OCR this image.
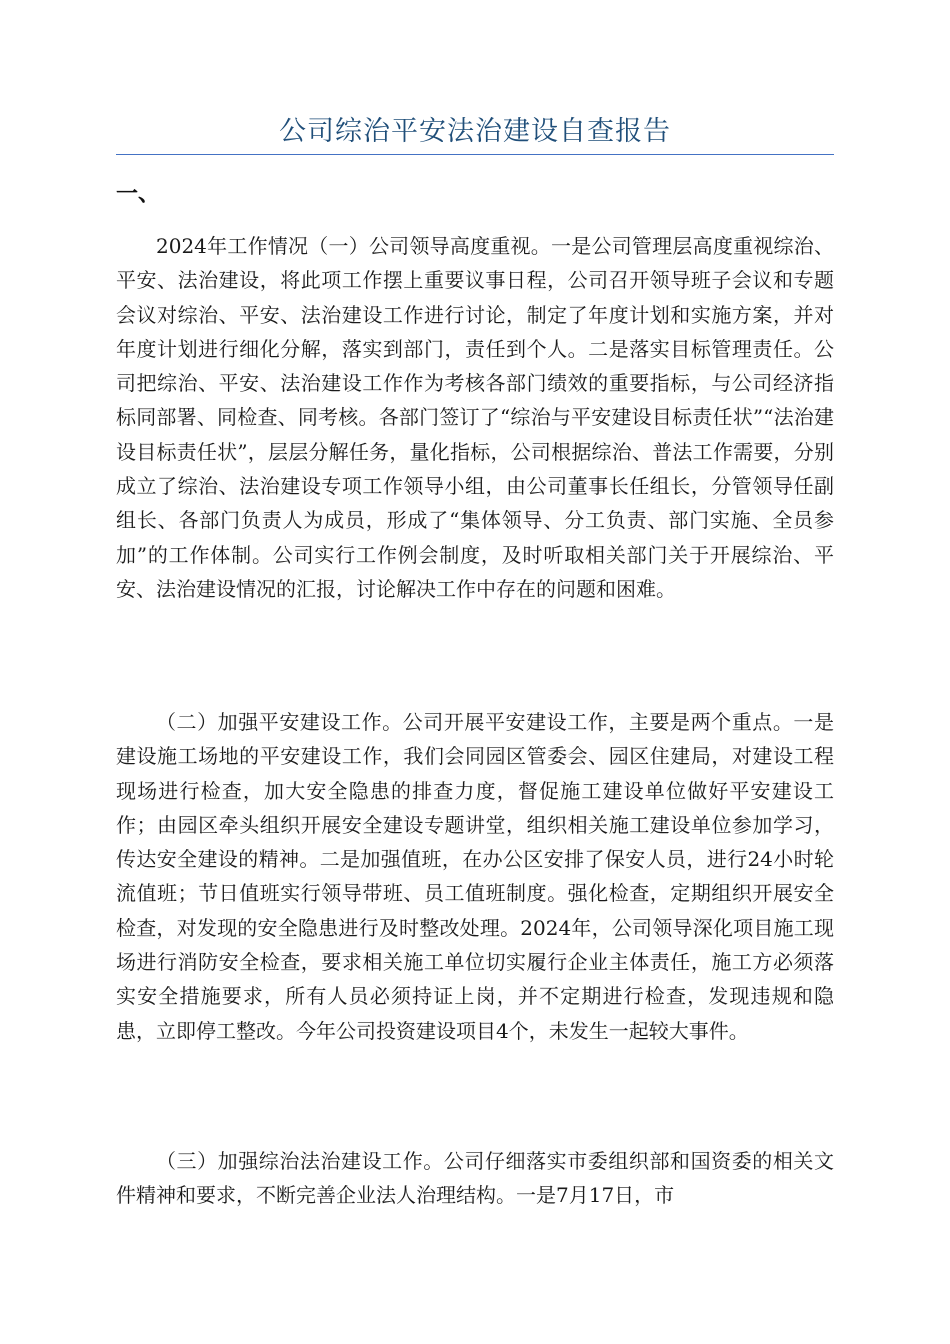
公司综治平安法治建设自查报告
一、

2024年工作情况（一）公司领导高度重视。一是公司管理层高度重视综治、平安、法治建设，将此项工作摆上重要议事日程，公司召开领导班子会议和专题会议对综治、平安、法治建设工作进行讨论，制定了年度计划和实施方案，并对年度计划进行细化分解，落实到部门，责任到个人。二是落实目标管理责任。公司把综治、平安、法治建设工作作为考核各部门绩效的重要指标，与公司经济指标同部署、同检查、同考核。各部门签订了“综治与平安建设目标责任状”“法治建设目标责任状”，层层分解任务，量化指标，公司根据综治、普法工作需要，分别成立了综治、法治建设专项工作领导小组，由公司董事长任组长，分管领导任副组长、各部门负责人为成员，形成了“集体领导、分工负责、部门实施、全员参加”的工作体制。公司实行工作例会制度，及时听取相关部门关于开展综治、平安、法治建设情况的汇报，讨论解决工作中存在的问题和困难。

（二）加强平安建设工作。公司开展平安建设工作，主要是两个重点。一是建设施工场地的平安建设工作，我们会同园区管委会、园区住建局，对建设工程现场进行检查，加大安全隐患的排查力度，督促施工建设单位做好平安建设工作；由园区牵头组织开展安全建设专题讲堂，组织相关施工建设单位参加学习，传达安全建设的精神。二是加强值班，在办公区安排了保安人员，进行24小时轮流值班；节日值班实行领导带班、员工值班制度。强化检查，定期组织开展安全检查，对发现的安全隐患进行及时整改处理。2024年，公司领导深化项目施工现场进行消防安全检查，要求相关施工单位切实履行企业主体责任，施工方必须落实安全措施要求，所有人员必须持证上岗，并不定期进行检查，发现违规和隐患，立即停工整改。今年公司投资建设项目4个，未发生一起较大事件。

（三）加强综治法治建设工作。公司仔细落实市委组织部和国资委的相关文件精神和要求，不断完善企业法人治理结构。一是7月17日，市
